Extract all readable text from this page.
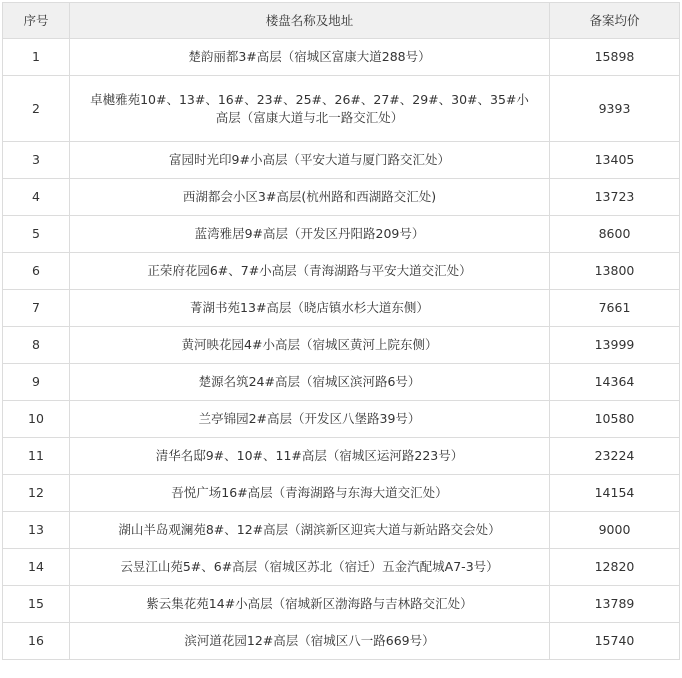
序号	楼盘名称及地址	备案均价
1	楚韵丽都3#高层（宿城区富康大道288号）	15898
2	卓樾雅苑10#、13#、16#、23#、25#、26#、27#、29#、30#、35#小高层（富康大道与北一路交汇处）	9393
3	富园时光印9#小高层（平安大道与厦门路交汇处）	13405
4	西湖都会小区3#高层(杭州路和西湖路交汇处)	13723
5	蓝湾雅居9#高层（开发区丹阳路209号）	8600
6	正荣府花园6#、7#小高层（青海湖路与平安大道交汇处）	13800
7	菁湖书苑13#高层（晓店镇水杉大道东侧）	7661
8	黄河映花园4#小高层（宿城区黄河上院东侧）	13999
9	楚源名筑24#高层（宿城区滨河路6号）	14364
10	兰亭锦园2#高层（开发区八堡路39号）	10580
11	清华名邸9#、10#、11#高层（宿城区运河路223号）	23224
12	吾悦广场16#高层（青海湖路与东海大道交汇处）	14154
13	湖山半岛观澜苑8#、12#高层（湖滨新区迎宾大道与新站路交会处）	9000
14	云昱江山苑5#、6#高层（宿城区苏北（宿迁）五金汽配城A7-3号）	12820
15	紫云集花苑14#小高层（宿城新区渤海路与吉林路交汇处）	13789
16	滨河道花园12#高层（宿城区八一路669号）	15740
